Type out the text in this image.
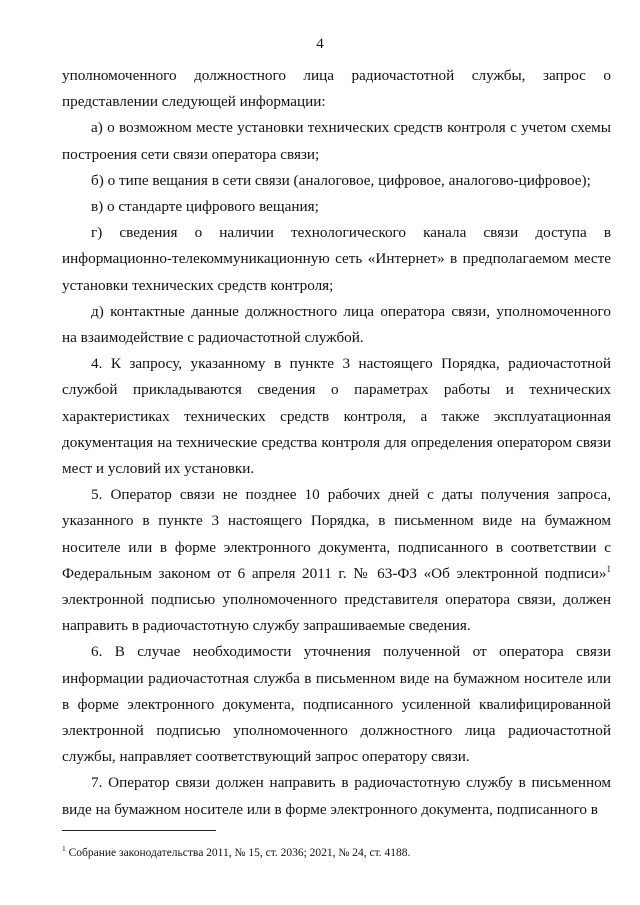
4

уполномоченного должностного лица радиочастотной службы, запрос о представлении следующей информации:

а) о возможном месте установки технических средств контроля с учетом схемы построения сети связи оператора связи;

б) о типе вещания в сети связи (аналоговое, цифровое, аналогово-цифровое);

в) о стандарте цифрового вещания;

г) сведения о наличии технологического канала связи доступа в информационно-телекоммуникационную сеть «Интернет» в предполагаемом месте установки технических средств контроля;

д) контактные данные должностного лица оператора связи, уполномоченного на взаимодействие с радиочастотной службой.

4. К запросу, указанному в пункте 3 настоящего Порядка, радиочастотной службой прикладываются сведения о параметрах работы и технических характеристиках технических средств контроля, а также эксплуатационная документация на технические средства контроля для определения оператором связи мест и условий их установки.

5. Оператор связи не позднее 10 рабочих дней с даты получения запроса, указанного в пункте 3 настоящего Порядка, в письменном виде на бумажном носителе или в форме электронного документа, подписанного в соответствии с Федеральным законом от 6 апреля 2011 г. № 63-ФЗ «Об электронной подписи»$^1$ электронной подписью уполномоченного представителя оператора связи, должен направить в радиочастотную службу запрашиваемые сведения.

6. В случае необходимости уточнения полученной от оператора связи информации радиочастотная служба в письменном виде на бумажном носителе или в форме электронного документа, подписанного усиленной квалифицированной электронной подписью уполномоченного должностного лица радиочастотной службы, направляет соответствующий запрос оператору связи.

7. Оператор связи должен направить в радиочастотную службу в письменном виде на бумажном носителе или в форме электронного документа, подписанного в

$^1$ Собрание законодательства 2011, № 15, ст. 2036; 2021, № 24, ст. 4188.
